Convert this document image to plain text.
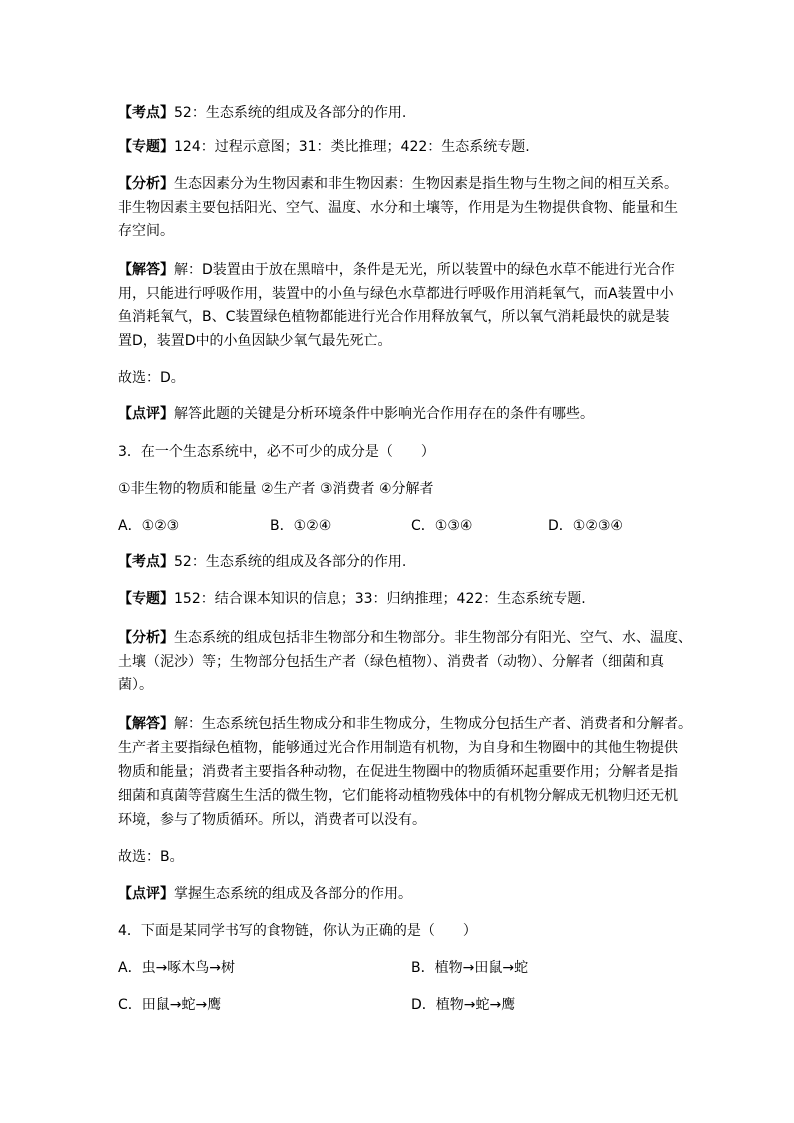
【考点】52：生态系统的组成及各部分的作用.
【专题】124：过程示意图；31：类比推理；422：生态系统专题.
【分析】生态因素分为生物因素和非生物因素：生物因素是指生物与生物之间的相互关系。
非生物因素主要包括阳光、空气、温度、水分和土壤等，作用是为生物提供食物、能量和生
存空间。
【解答】解：D装置由于放在黑暗中，条件是无光，所以装置中的绿色水草不能进行光合作
用，只能进行呼吸作用，装置中的小鱼与绿色水草都进行呼吸作用消耗氧气，而A装置中小
鱼消耗氧气，B、C装置绿色植物都能进行光合作用释放氧气，所以氧气消耗最快的就是装
置D，装置D中的小鱼因缺少氧气最先死亡。
故选：D。
【点评】解答此题的关键是分析环境条件中影响光合作用存在的条件有哪些。
3．在一个生态系统中，必不可少的成分是（　　）
①非生物的物质和能量 ②生产者 ③消费者 ④分解者
A．①②③	B．①②④	C．①③④	D．①②③④
【考点】52：生态系统的组成及各部分的作用.
【专题】152：结合课本知识的信息；33：归纳推理；422：生态系统专题.
【分析】生态系统的组成包括非生物部分和生物部分。非生物部分有阳光、空气、水、温度、
土壤（泥沙）等；生物部分包括生产者（绿色植物）、消费者（动物）、分解者（细菌和真
菌）。
【解答】解：生态系统包括生物成分和非生物成分，生物成分包括生产者、消费者和分解者。
生产者主要指绿色植物，能够通过光合作用制造有机物，为自身和生物圈中的其他生物提供
物质和能量；消费者主要指各种动物，在促进生物圈中的物质循环起重要作用；分解者是指
细菌和真菌等营腐生生活的微生物，它们能将动植物残体中的有机物分解成无机物归还无机
环境，参与了物质循环。所以，消费者可以没有。
故选：B。
【点评】掌握生态系统的组成及各部分的作用。
4．下面是某同学书写的食物链，你认为正确的是（　　）
A．虫→啄木鸟→树	B．植物→田鼠→蛇
C．田鼠→蛇→鹰	D．植物→蛇→鹰
